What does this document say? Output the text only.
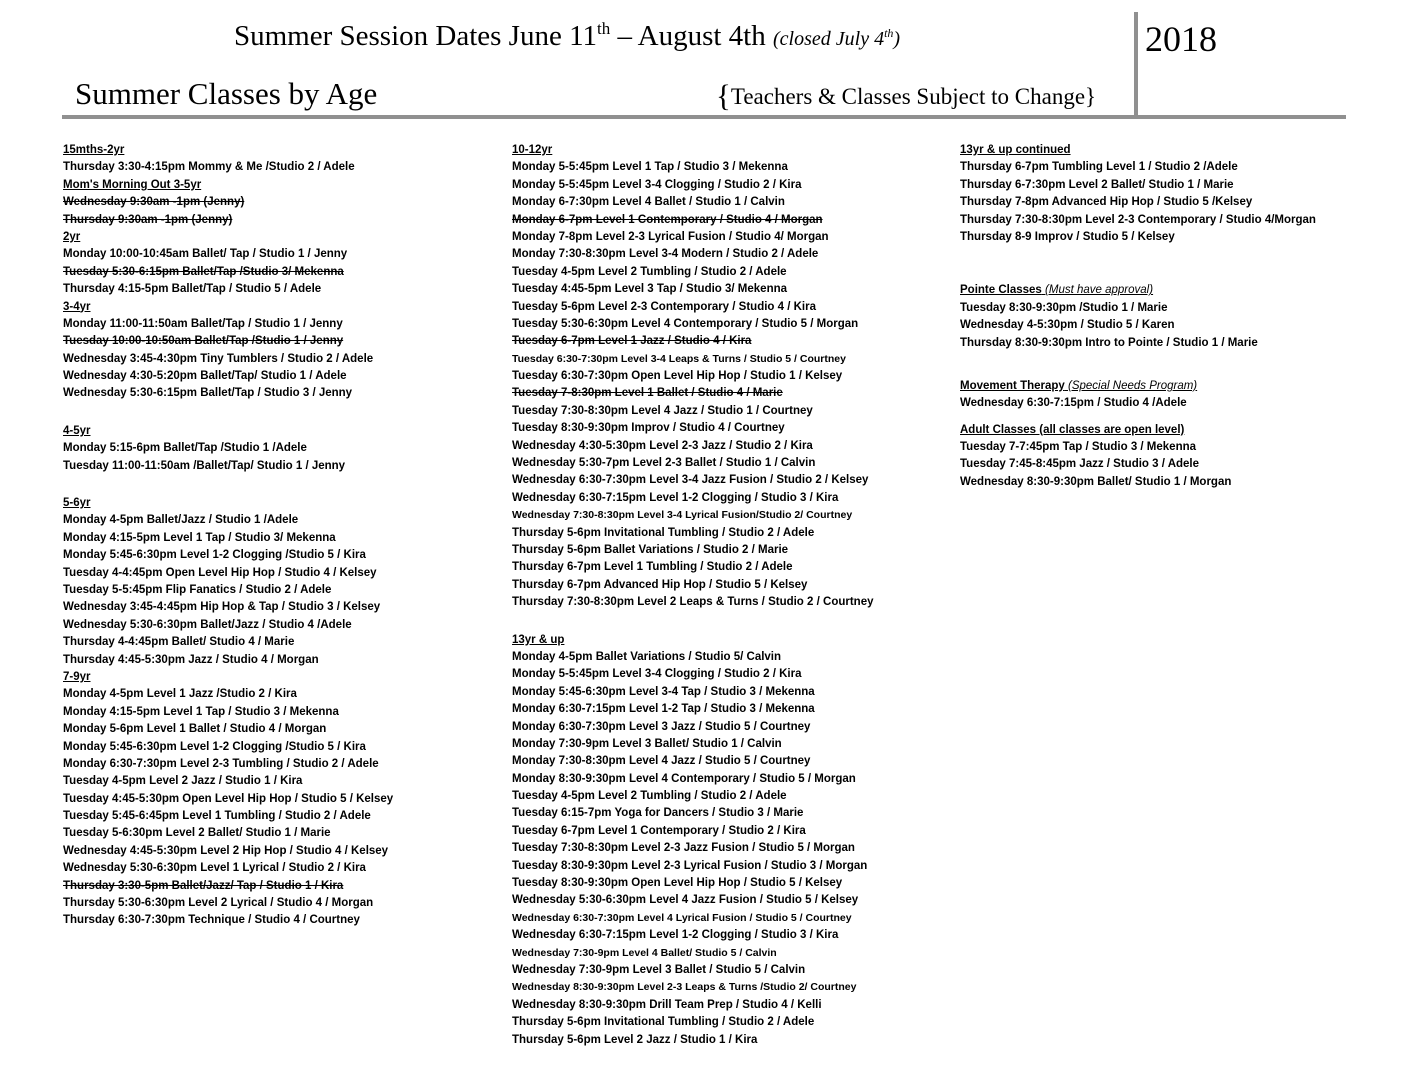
Summer Session Dates June 11th – August 4th (closed July 4th)	2018
Summer Classes by Age	{Teachers & Classes Subject to Change}
15mths-2yr
Thursday 3:30-4:15pm Mommy & Me /Studio 2 / Adele
Mom's Morning Out 3-5yr
Wednesday 9:30am -1pm (Jenny)
Thursday 9:30am -1pm (Jenny)
2yr
Monday 10:00-10:45am Ballet/ Tap / Studio 1 / Jenny
Tuesday 5:30-6:15pm Ballet/Tap /Studio 3/ Mekenna
Thursday 4:15-5pm Ballet/Tap / Studio 5 / Adele
3-4yr
Monday 11:00-11:50am Ballet/Tap / Studio 1 / Jenny
Tuesday 10:00-10:50am Ballet/Tap /Studio 1 / Jenny
Wednesday 3:45-4:30pm Tiny Tumblers / Studio 2 / Adele
Wednesday 4:30-5:20pm Ballet/Tap/ Studio 1 / Adele
Wednesday 5:30-6:15pm Ballet/Tap / Studio 3 / Jenny
4-5yr
Monday 5:15-6pm Ballet/Tap /Studio 1 /Adele
Tuesday 11:00-11:50am /Ballet/Tap/ Studio 1 / Jenny
5-6yr
Monday 4-5pm Ballet/Jazz / Studio 1 /Adele
Monday 4:15-5pm Level 1 Tap / Studio 3/ Mekenna
Monday 5:45-6:30pm Level 1-2 Clogging /Studio 5 / Kira
Tuesday 4-4:45pm Open Level Hip Hop / Studio 4 / Kelsey
Tuesday 5-5:45pm Flip Fanatics / Studio 2 / Adele
Wednesday 3:45-4:45pm Hip Hop & Tap / Studio 3 / Kelsey
Wednesday 5:30-6:30pm Ballet/Jazz / Studio 4 /Adele
Thursday 4-4:45pm Ballet/ Studio 4 / Marie
Thursday 4:45-5:30pm Jazz / Studio 4 / Morgan
7-9yr
Monday 4-5pm Level 1 Jazz /Studio 2 / Kira
Monday 4:15-5pm Level 1 Tap / Studio 3 / Mekenna
Monday 5-6pm Level 1 Ballet / Studio 4 / Morgan
Monday 5:45-6:30pm Level 1-2 Clogging /Studio 5 / Kira
Monday 6:30-7:30pm Level 2-3 Tumbling / Studio 2 / Adele
Tuesday 4-5pm Level 2 Jazz / Studio 1 / Kira
Tuesday 4:45-5:30pm Open Level Hip Hop / Studio 5 / Kelsey
Tuesday 5:45-6:45pm Level 1 Tumbling / Studio 2 / Adele
Tuesday 5-6:30pm Level 2 Ballet/ Studio 1 / Marie
Wednesday 4:45-5:30pm Level 2 Hip Hop / Studio 4 / Kelsey
Wednesday 5:30-6:30pm Level 1 Lyrical / Studio 2 / Kira
Thursday 3:30-5pm Ballet/Jazz/ Tap / Studio 1 / Kira
Thursday 5:30-6:30pm Level 2 Lyrical / Studio 4 / Morgan
Thursday 6:30-7:30pm Technique / Studio 4 / Courtney
10-12yr
Monday 5-5:45pm Level 1 Tap / Studio 3 / Mekenna
Monday 5-5:45pm Level 3-4 Clogging / Studio 2 / Kira
Monday 6-7:30pm Level 4 Ballet / Studio 1 / Calvin
Monday 6-7pm Level 1 Contemporary / Studio 4 / Morgan
Monday 7-8pm Level 2-3 Lyrical Fusion / Studio 4/ Morgan
Monday 7:30-8:30pm Level 3-4 Modern / Studio 2 / Adele
Tuesday 4-5pm Level 2 Tumbling / Studio 2 / Adele
Tuesday 4:45-5pm Level 3 Tap / Studio 3/ Mekenna
Tuesday 5-6pm Level 2-3 Contemporary / Studio 4 / Kira
Tuesday 5:30-6:30pm Level 4 Contemporary / Studio 5 / Morgan
Tuesday 6-7pm Level 1 Jazz / Studio 4 / Kira
Tuesday 6:30-7:30pm Level 3-4 Leaps & Turns / Studio 5 / Courtney
Tuesday 6:30-7:30pm Open Level Hip Hop / Studio 1 / Kelsey
Tuesday 7-8:30pm Level 1 Ballet / Studio 4 / Marie
Tuesday 7:30-8:30pm Level 4 Jazz / Studio 1 / Courtney
Tuesday 8:30-9:30pm Improv / Studio 4 / Courtney
Wednesday 4:30-5:30pm Level 2-3 Jazz / Studio 2 / Kira
Wednesday 5:30-7pm Level 2-3 Ballet / Studio 1 / Calvin
Wednesday 6:30-7:30pm Level 3-4 Jazz Fusion / Studio 2 / Kelsey
Wednesday 6:30-7:15pm Level 1-2 Clogging / Studio 3 / Kira
Wednesday 7:30-8:30pm Level 3-4 Lyrical Fusion/Studio 2/ Courtney
Thursday 5-6pm Invitational Tumbling / Studio 2 / Adele
Thursday 5-6pm Ballet Variations / Studio 2 / Marie
Thursday 6-7pm Level 1 Tumbling / Studio 2 / Adele
Thursday 6-7pm Advanced Hip Hop / Studio 5 / Kelsey
Thursday 7:30-8:30pm Level 2 Leaps & Turns / Studio 2 / Courtney
13yr & up
Monday 4-5pm Ballet Variations / Studio 5/ Calvin
Monday 5-5:45pm Level 3-4 Clogging / Studio 2 / Kira
Monday 5:45-6:30pm Level 3-4 Tap / Studio 3 / Mekenna
Monday 6:30-7:15pm Level 1-2 Tap / Studio 3 / Mekenna
Monday 6:30-7:30pm Level 3 Jazz / Studio 5 / Courtney
Monday 7:30-9pm Level 3 Ballet/ Studio 1 / Calvin
Monday 7:30-8:30pm Level 4 Jazz / Studio 5 / Courtney
Monday 8:30-9:30pm Level 4 Contemporary / Studio 5 / Morgan
Tuesday 4-5pm Level 2 Tumbling / Studio 2 / Adele
Tuesday 6:15-7pm Yoga for Dancers / Studio 3 / Marie
Tuesday 6-7pm Level 1 Contemporary / Studio 2 / Kira
Tuesday 7:30-8:30pm Level 2-3 Jazz Fusion / Studio 5 / Morgan
Tuesday 8:30-9:30pm Level 2-3 Lyrical Fusion / Studio 3 / Morgan
Tuesday 8:30-9:30pm Open Level Hip Hop / Studio 5 / Kelsey
Wednesday 5:30-6:30pm Level 4 Jazz Fusion / Studio 5 / Kelsey
Wednesday 6:30-7:30pm Level 4 Lyrical Fusion / Studio 5 / Courtney
Wednesday 6:30-7:15pm Level 1-2 Clogging / Studio 3 / Kira
Wednesday 7:30-9pm Level 4 Ballet/ Studio 5 / Calvin
Wednesday 7:30-9pm Level 3 Ballet / Studio 5 / Calvin
Wednesday 8:30-9:30pm Level 2-3 Leaps & Turns /Studio 2/ Courtney
Wednesday 8:30-9:30pm Drill Team Prep / Studio 4 / Kelli
Thursday 5-6pm Invitational Tumbling / Studio 2 / Adele
Thursday 5-6pm Level 2 Jazz / Studio 1 / Kira
13yr & up continued
Thursday 6-7pm Tumbling Level 1 / Studio 2 /Adele
Thursday 6-7:30pm Level 2 Ballet/ Studio 1 / Marie
Thursday 7-8pm Advanced Hip Hop / Studio 5 /Kelsey
Thursday 7:30-8:30pm Level 2-3 Contemporary / Studio 4/Morgan
Thursday 8-9 Improv / Studio 5 / Kelsey
Pointe Classes (Must have approval)
Tuesday 8:30-9:30pm /Studio 1 / Marie
Wednesday 4-5:30pm / Studio 5 / Karen
Thursday 8:30-9:30pm Intro to Pointe / Studio 1 / Marie
Movement Therapy (Special Needs Program)
Wednesday 6:30-7:15pm / Studio 4 /Adele
Adult Classes (all classes are open level)
Tuesday 7-7:45pm Tap / Studio 3 / Mekenna
Tuesday 7:45-8:45pm Jazz / Studio 3 / Adele
Wednesday 8:30-9:30pm Ballet/ Studio 1 / Morgan
